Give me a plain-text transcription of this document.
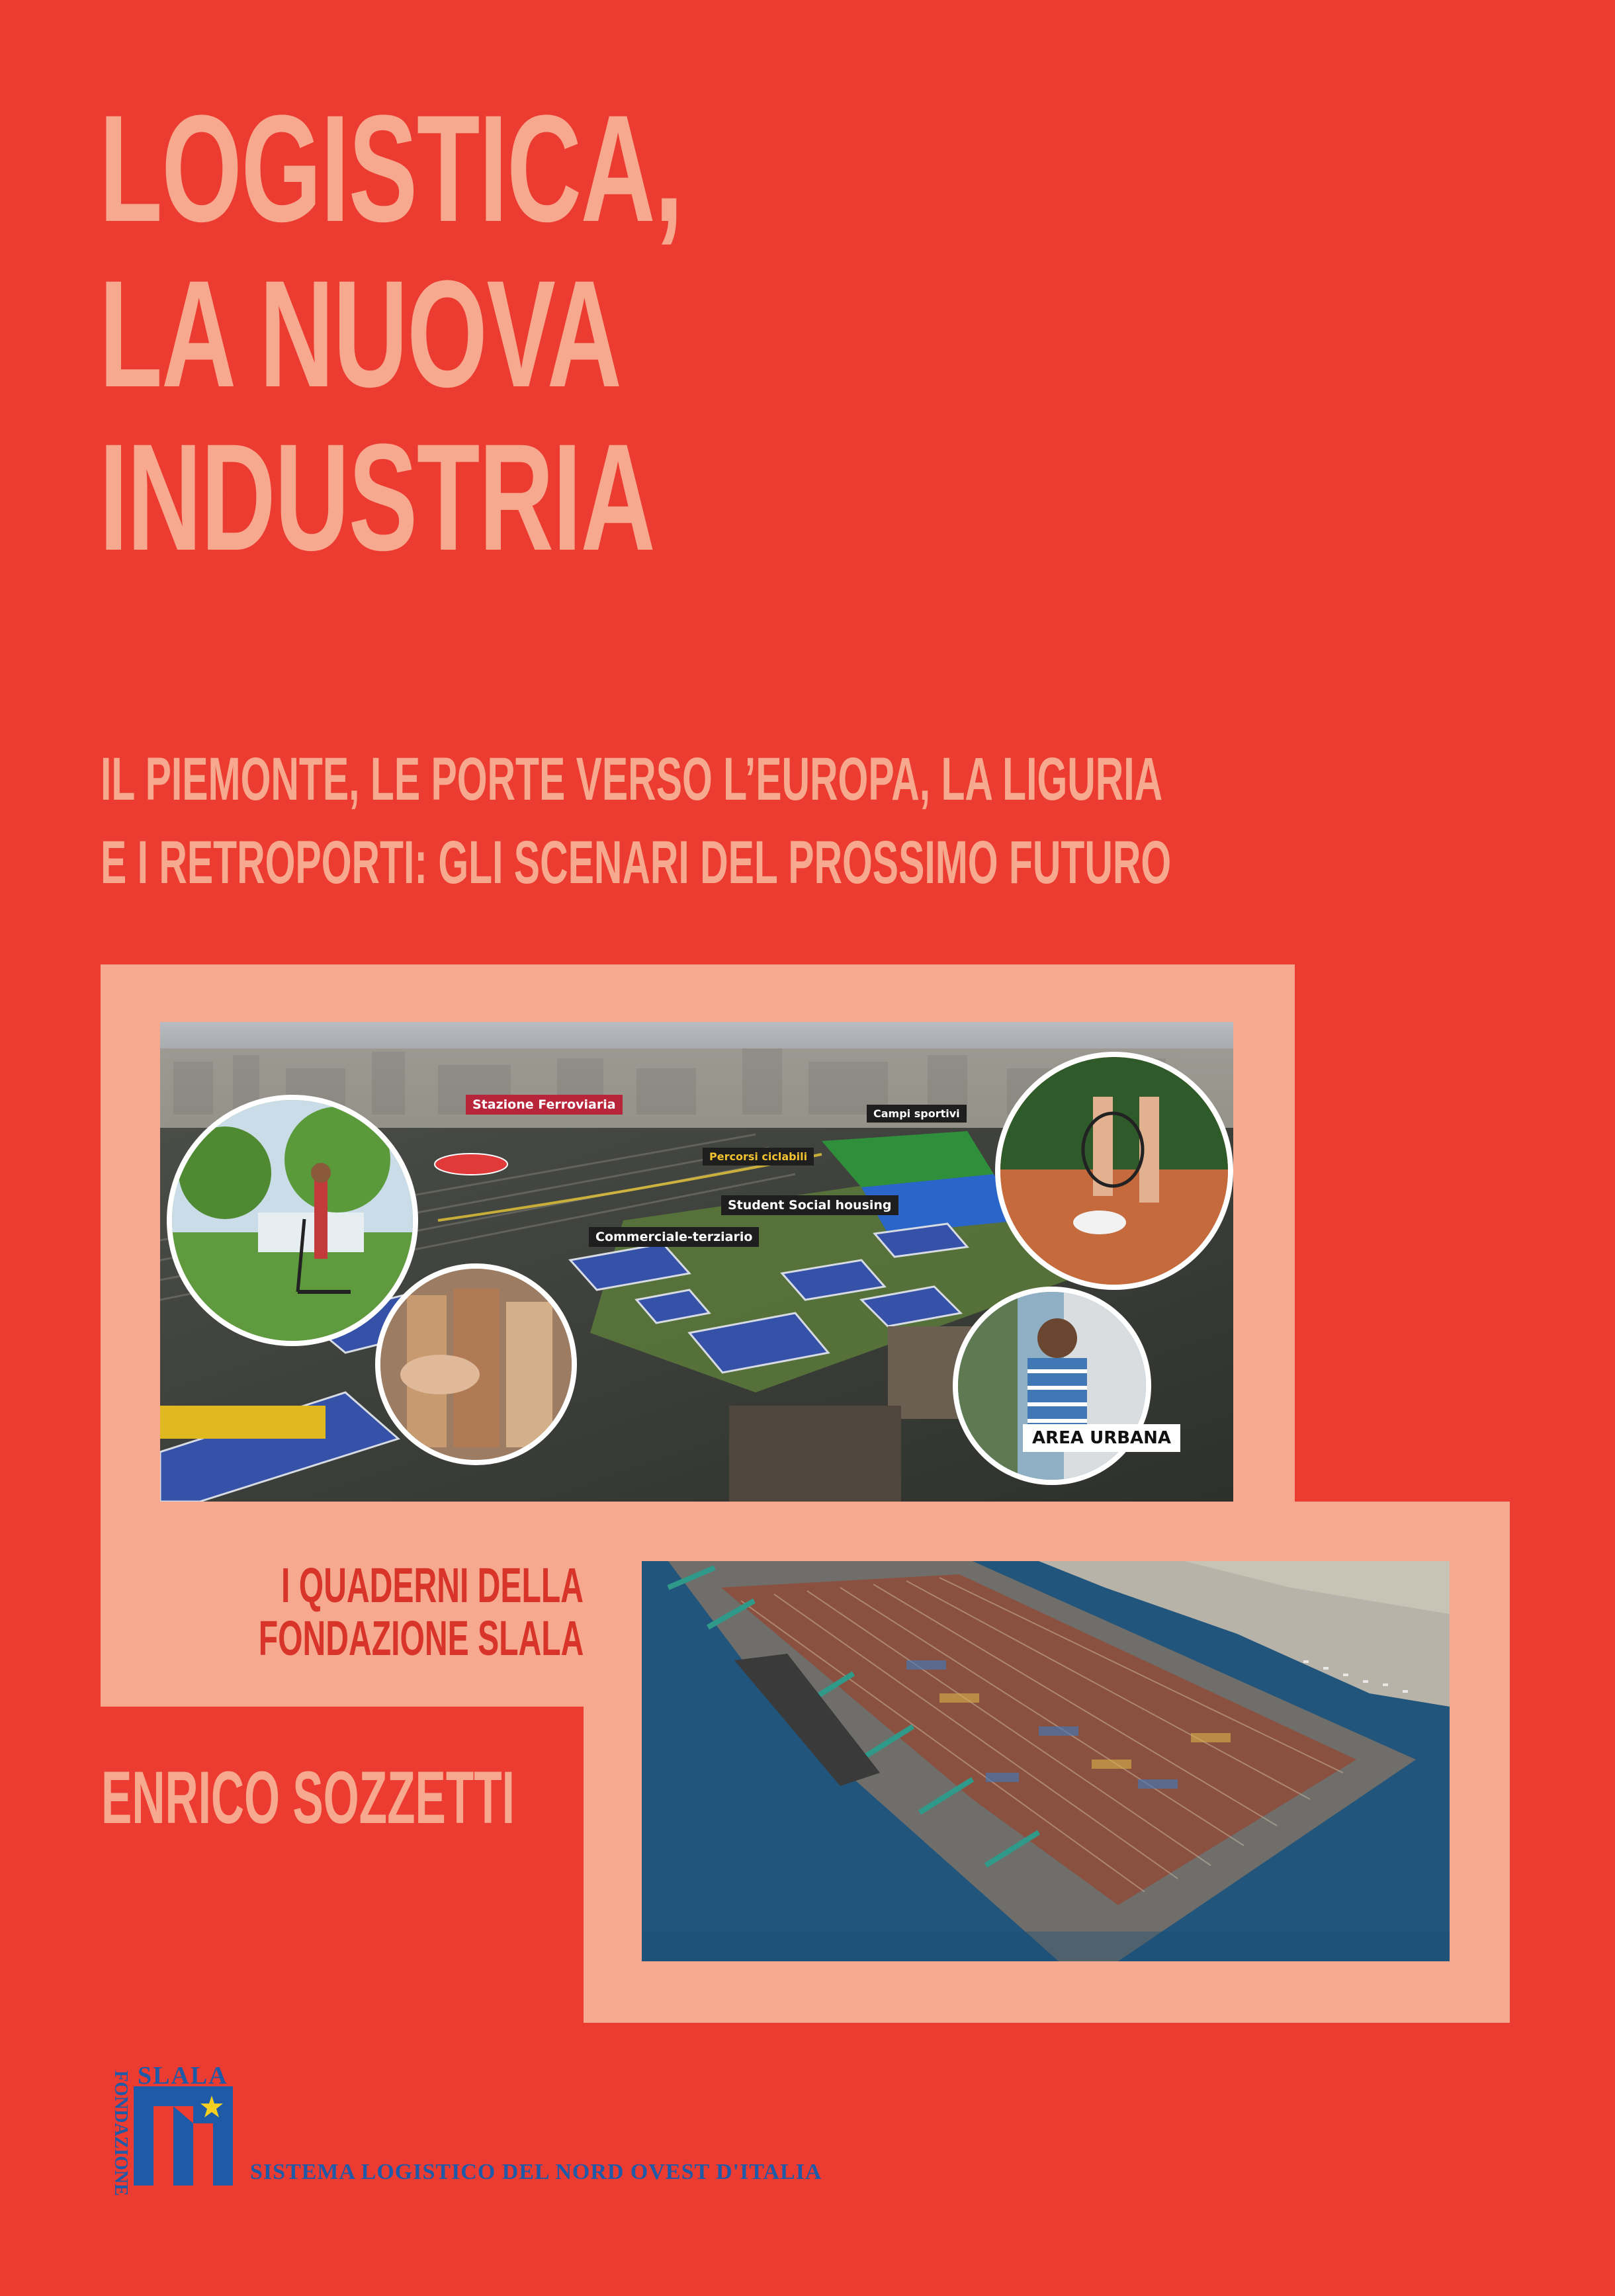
LOGISTICA,
LA NUOVA
INDUSTRIA
IL PIEMONTE, LE PORTE VERSO L’EUROPA, LA LIGURIA
E I RETROPORTI: GLI SCENARI DEL PROSSIMO FUTURO
Stazione Ferroviaria
Campi sportivi
Percorsi ciclabili
Student Social housing
Commerciale-terziario
AREA URBANA
I QUADERNI DELLA
FONDAZIONE SLALA
ENRICO SOZZETTI
FONDAZIONE SLALA
SISTEMA LOGISTICO DEL NORD OVEST D'ITALIA
